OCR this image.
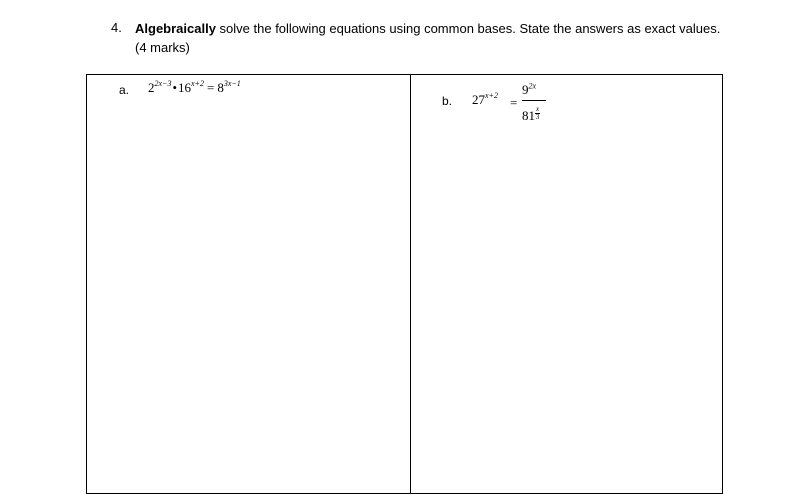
4. Algebraically solve the following equations using common bases. State the answers as exact values. (4 marks)
a. $2^{2x-3}•16^{x+2} = 8^{3x-1}$
b. $27^{x+2}$ =
$9^{2x}$
$81 \frac{x}{3}$
